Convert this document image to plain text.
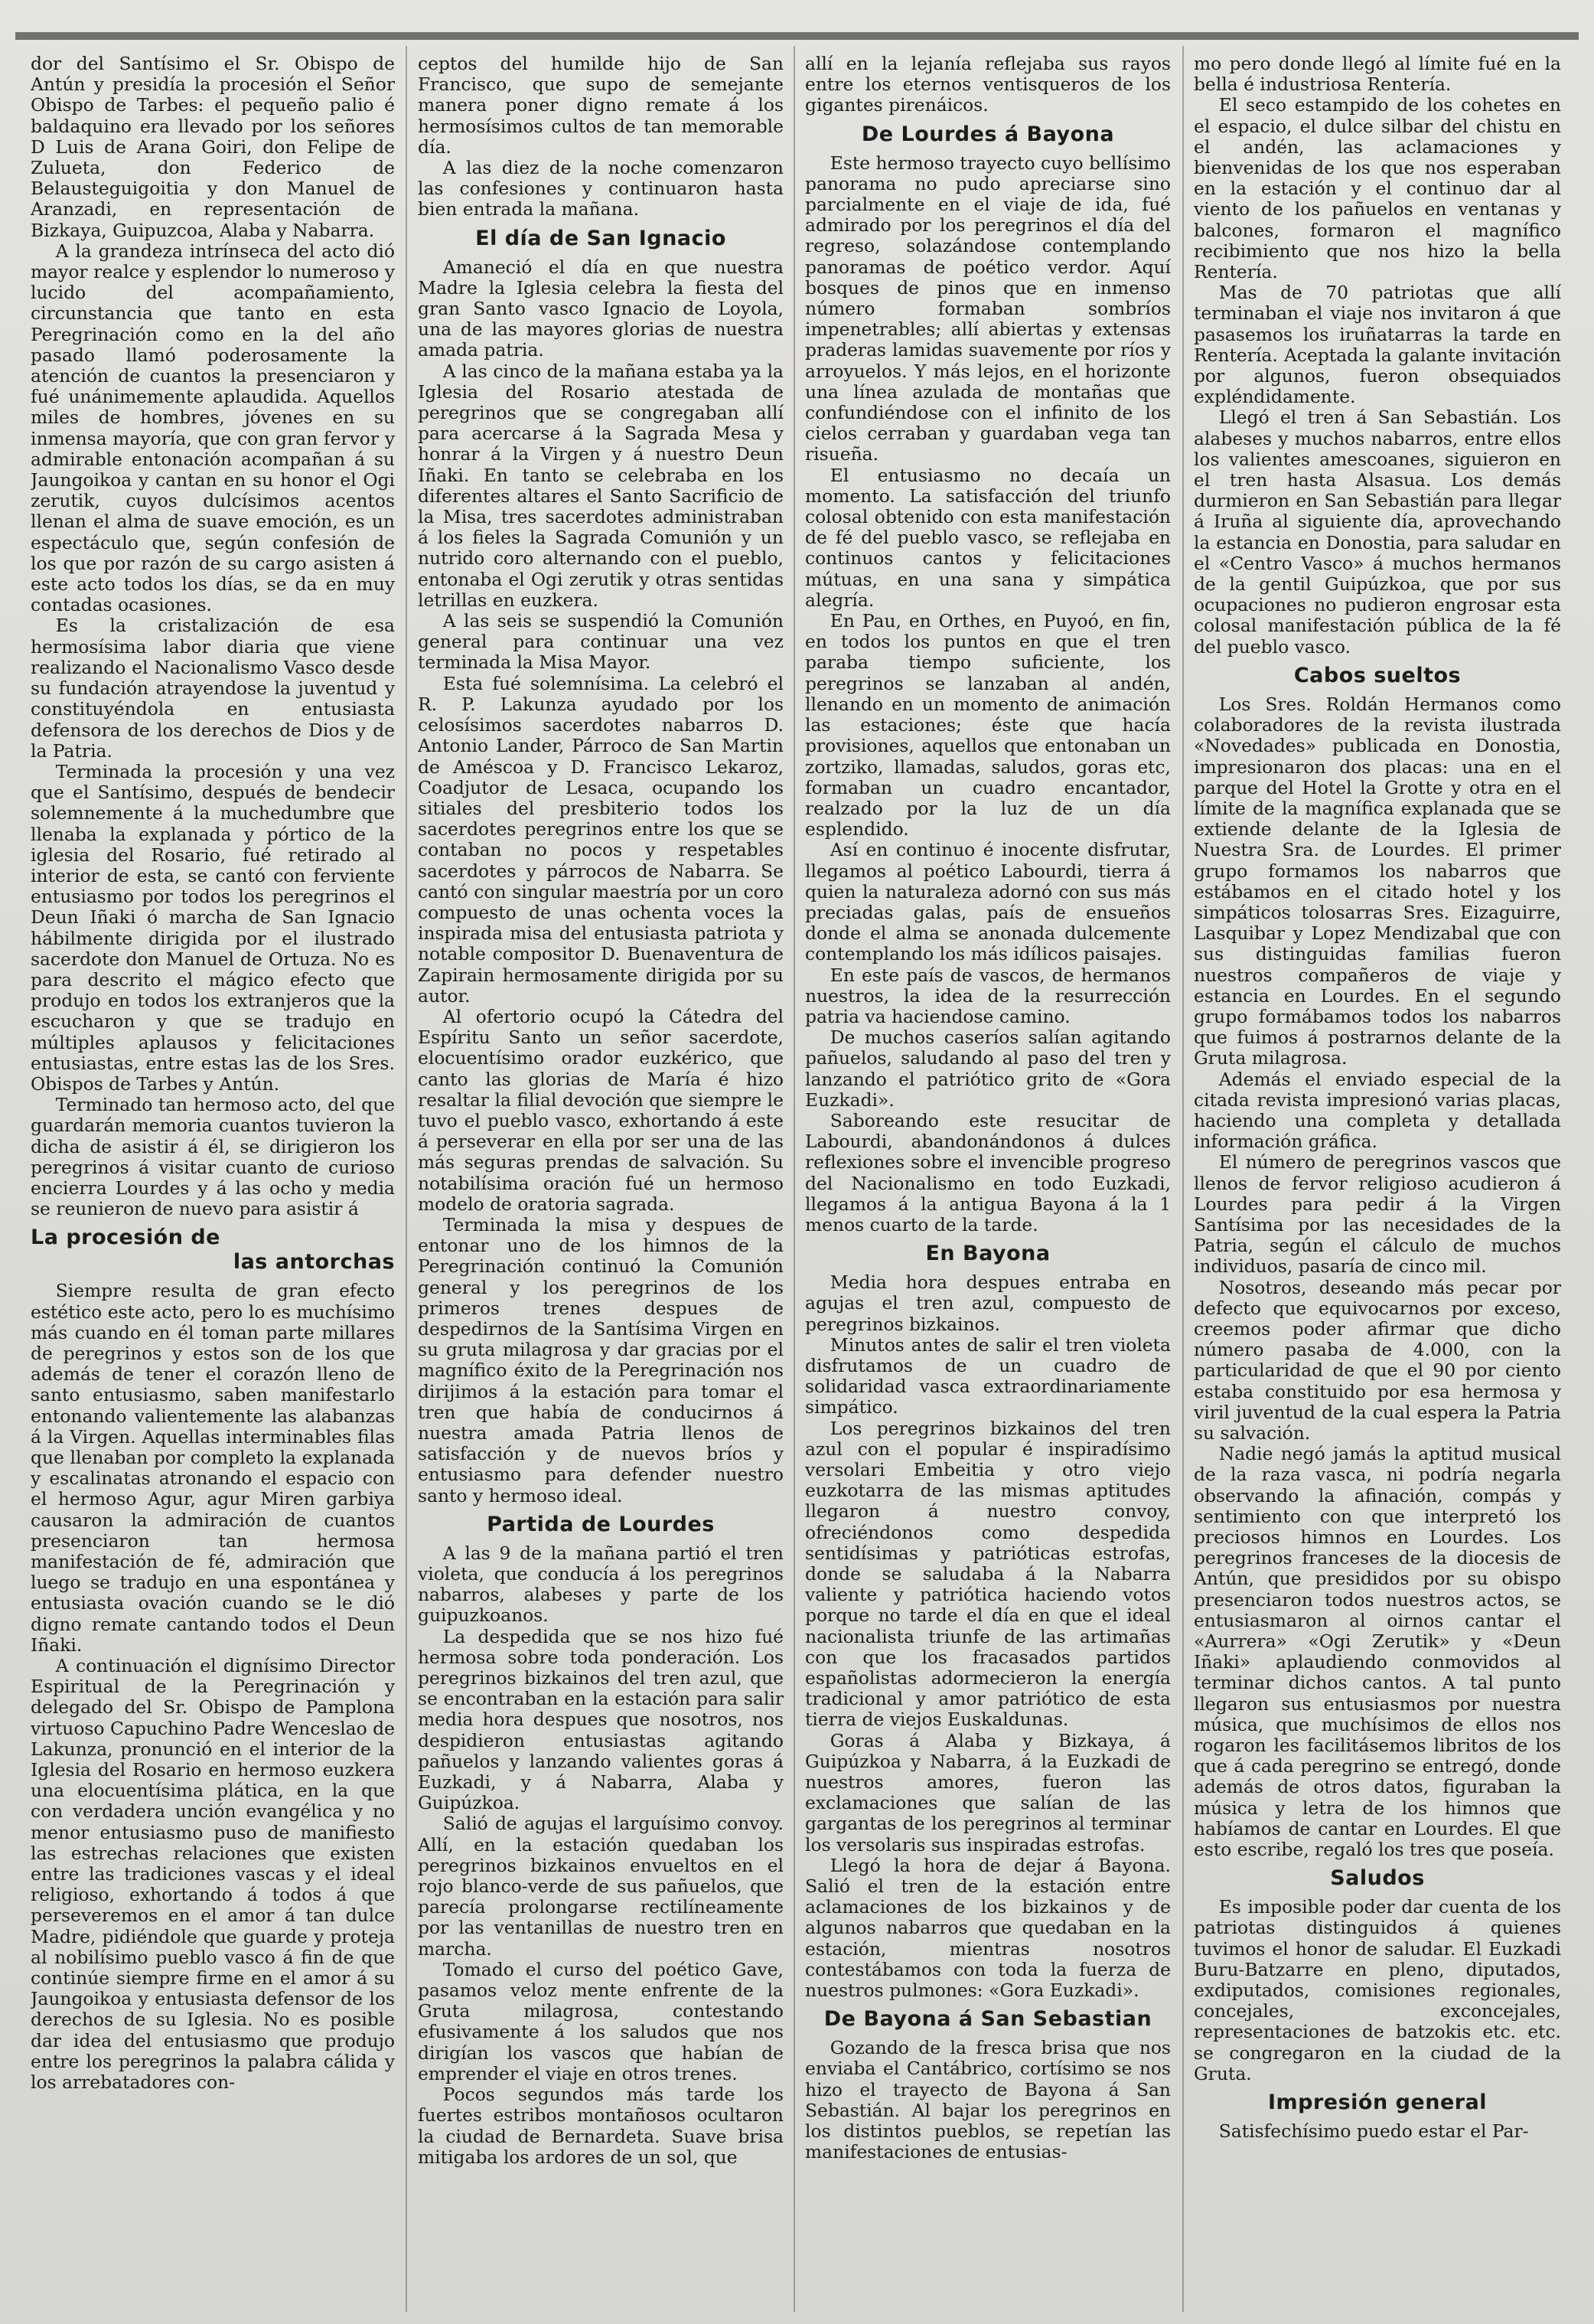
dor del Santísimo el Sr. Obispo de Antún y presidía la procesión el Señor Obispo de Tarbes: el pequeño palio é baldaquino era llevado por los señores D Luis de Arana Goiri, don Felipe de Zulueta, don Federico de Belausteguigoitia y don Manuel de Aranzadi, en representación de Bizkaya, Guipuzcoa, Alaba y Nabarra.

A la grandeza intrínseca del acto dió mayor realce y esplendor lo numeroso y lucido del acompañamiento, circunstancia que tanto en esta Peregrinación como en la del año pasado llamó poderosamente la atención de cuantos la presenciaron y fué unánimemente aplaudida. Aquellos miles de hombres, jóvenes en su inmensa mayoría, que con gran fervor y admirable entonación acompañan á su Jaungoikoa y cantan en su honor el Ogi zerutik, cuyos dulcísimos acentos llenan el alma de suave emoción, es un espectáculo que, según confesión de los que por razón de su cargo asisten á este acto todos los días, se da en muy contadas ocasiones.

Es la cristalización de esa hermosísima labor diaria que viene realizando el Nacionalismo Vasco desde su fundación atrayendose la juventud y constituyéndola en entusiasta defensora de los derechos de Dios y de la Patria.

Terminada la procesión y una vez que el Santísimo, después de bendecir solemnemente á la muchedumbre que llenaba la explanada y pórtico de la iglesia del Rosario, fué retirado al interior de esta, se cantó con ferviente entusiasmo por todos los peregrinos el Deun Iñaki ó marcha de San Ignacio hábilmente dirigida por el ilustrado sacerdote don Manuel de Ortuza. No es para descrito el mágico efecto que produjo en todos los extranjeros que la escucharon y que se tradujo en múltiples aplausos y felicitaciones entusiastas, entre estas las de los Sres. Obispos de Tarbes y Antún.

Terminado tan hermoso acto, del que guardarán memoria cuantos tuvieron la dicha de asistir á él, se dirigieron los peregrinos á visitar cuanto de curioso encierra Lourdes y á las ocho y media se reunieron de nuevo para asistir á

La procesión de
las antorchas

Siempre resulta de gran efecto estético este acto, pero lo es muchísimo más cuando en él toman parte millares de peregrinos y estos son de los que además de tener el corazón lleno de santo entusiasmo, saben manifestarlo entonando valientemente las alabanzas á la Virgen. Aquellas interminables filas que llenaban por completo la explanada y escalinatas atronando el espacio con el hermoso Agur, agur Miren garbiya causaron la admiración de cuantos presenciaron tan hermosa manifestación de fé, admiración que luego se tradujo en una espontánea y entusiasta ovación cuando se le dió digno remate cantando todos el Deun Iñaki.

A continuación el dignísimo Director Espiritual de la Peregrinación y delegado del Sr. Obispo de Pamplona virtuoso Capuchino Padre Wenceslao de Lakunza, pronunció en el interior de la Iglesia del Rosario en hermoso euzkera una elocuentísima plática, en la que con verdadera unción evangélica y no menor entusiasmo puso de manifiesto las estrechas relaciones que existen entre las tradiciones vascas y el ideal religioso, exhortando á todos á que perseveremos en el amor á tan dulce Madre, pidiéndole que guarde y proteja al nobilísimo pueblo vasco á fin de que continúe siempre firme en el amor á su Jaungoikoa y entusiasta defensor de los derechos de su Iglesia. No es posible dar idea del entusiasmo que produjo entre los peregrinos la palabra cálida y los arrebatadores con-

ceptos del humilde hijo de San Francisco, que supo de semejante manera poner digno remate á los hermosísimos cultos de tan memorable día.

A las diez de la noche comenzaron las confesiones y continuaron hasta bien entrada la mañana.

El día de San Ignacio

Amaneció el día en que nuestra Madre la Iglesia celebra la fiesta del gran Santo vasco Ignacio de Loyola, una de las mayores glorias de nuestra amada patria.

A las cinco de la mañana estaba ya la Iglesia del Rosario atestada de peregrinos que se congregaban allí para acercarse á la Sagrada Mesa y honrar á la Virgen y á nuestro Deun Iñaki. En tanto se celebraba en los diferentes altares el Santo Sacrificio de la Misa, tres sacerdotes administraban á los fieles la Sagrada Comunión y un nutrido coro alternando con el pueblo, entonaba el Ogi zerutik y otras sentidas letrillas en euzkera.

A las seis se suspendió la Comunión general para continuar una vez terminada la Misa Mayor.

Esta fué solemnísima. La celebró el R. P. Lakunza ayudado por los celosísimos sacerdotes nabarros D. Antonio Lander, Párroco de San Martin de Améscoa y D. Francisco Lekaroz, Coadjutor de Lesaca, ocupando los sitiales del presbiterio todos los sacerdotes peregrinos entre los que se contaban no pocos y respetables sacerdotes y párrocos de Nabarra. Se cantó con singular maestría por un coro compuesto de unas ochenta voces la inspirada misa del entusiasta patriota y notable compositor D. Buenaventura de Zapirain hermosamente dirigida por su autor.

Al ofertorio ocupó la Cátedra del Espíritu Santo un señor sacerdote, elocuentísimo orador euzkérico, que canto las glorias de María é hizo resaltar la filial devoción que siempre le tuvo el pueblo vasco, exhortando á este á perseverar en ella por ser una de las más seguras prendas de salvación. Su notabilísima oración fué un hermoso modelo de oratoria sagrada.

Terminada la misa y despues de entonar uno de los himnos de la Peregrinación continuó la Comunión general y los peregrinos de los primeros trenes despues de despedirnos de la Santísima Virgen en su gruta milagrosa y dar gracias por el magnífico éxito de la Peregrinación nos dirijimos á la estación para tomar el tren que había de conducirnos á nuestra amada Patria llenos de satisfacción y de nuevos bríos y entusiasmo para defender nuestro santo y hermoso ideal.

Partida de Lourdes

A las 9 de la mañana partió el tren violeta, que conducía á los peregrinos nabarros, alabeses y parte de los guipuzkoanos.

La despedida que se nos hizo fué hermosa sobre toda ponderación. Los peregrinos bizkainos del tren azul, que se encontraban en la estación para salir media hora despues que nosotros, nos despidieron entusiastas agitando pañuelos y lanzando valientes goras á Euzkadi, y á Nabarra, Alaba y Guipúzkoa.

Salió de agujas el larguísimo convoy. Allí, en la estación quedaban los peregrinos bizkainos envueltos en el rojo blanco-verde de sus pañuelos, que parecía prolongarse rectilíneamente por las ventanillas de nuestro tren en marcha.

Tomado el curso del poético Gave, pasamos veloz mente enfrente de la Gruta milagrosa, contestando efusivamente á los saludos que nos dirigían los vascos que habían de emprender el viaje en otros trenes.

Pocos segundos más tarde los fuertes estribos montañosos ocultaron la ciudad de Bernardeta. Suave brisa mitigaba los ardores de un sol, que

allí en la lejanía reflejaba sus rayos entre los eternos ventisqueros de los gigantes pirenáicos.

De Lourdes á Bayona

Este hermoso trayecto cuyo bellísimo panorama no pudo apreciarse sino parcialmente en el viaje de ida, fué admirado por los peregrinos el día del regreso, solazándose contemplando panoramas de poético verdor. Aquí bosques de pinos que en inmenso número formaban sombríos impenetrables; allí abiertas y extensas praderas lamidas suavemente por ríos y arroyuelos. Y más lejos, en el horizonte una línea azulada de montañas que confundiéndose con el infinito de los cielos cerraban y guardaban vega tan risueña.

El entusiasmo no decaía un momento. La satisfacción del triunfo colosal obtenido con esta manifestación de fé del pueblo vasco, se reflejaba en continuos cantos y felicitaciones mútuas, en una sana y simpática alegría.

En Pau, en Orthes, en Puyoó, en fin, en todos los puntos en que el tren paraba tiempo suficiente, los peregrinos se lanzaban al andén, llenando en un momento de animación las estaciones; éste que hacía provisiones, aquellos que entonaban un zortziko, llamadas, saludos, goras etc, formaban un cuadro encantador, realzado por la luz de un día esplendido.

Así en continuo é inocente disfrutar, llegamos al poético Labourdi, tierra á quien la naturaleza adornó con sus más preciadas galas, país de ensueños donde el alma se anonada dulcemente contemplando los más idílicos paisajes.

En este país de vascos, de hermanos nuestros, la idea de la resurrección patria va haciendose camino.

De muchos caseríos salían agitando pañuelos, saludando al paso del tren y lanzando el patriótico grito de «Gora Euzkadi».

Saboreando este resucitar de Labourdi, abandonándonos á dulces reflexiones sobre el invencible progreso del Nacionalismo en todo Euzkadi, llegamos á la antigua Bayona á la 1 menos cuarto de la tarde.

En Bayona

Media hora despues entraba en agujas el tren azul, compuesto de peregrinos bizkainos.

Minutos antes de salir el tren violeta disfrutamos de un cuadro de solidaridad vasca extraordinariamente simpático.

Los peregrinos bizkainos del tren azul con el popular é inspiradísimo versolari Embeitia y otro viejo euzkotarra de las mismas aptitudes llegaron á nuestro convoy, ofreciéndonos como despedida sentidísimas y patrióticas estrofas, donde se saludaba á la Nabarra valiente y patriótica haciendo votos porque no tarde el día en que el ideal nacionalista triunfe de las artimañas con que los fracasados partidos españolistas adormecieron la energía tradicional y amor patriótico de esta tierra de viejos Euskaldunas.

Goras á Alaba y Bizkaya, á Guipúzkoa y Nabarra, á la Euzkadi de nuestros amores, fueron las exclamaciones que salían de las gargantas de los peregrinos al terminar los versolaris sus inspiradas estrofas.

Llegó la hora de dejar á Bayona. Salió el tren de la estación entre aclamaciones de los bizkainos y de algunos nabarros que quedaban en la estación, mientras nosotros contestábamos con toda la fuerza de nuestros pulmones: «Gora Euzkadi».

De Bayona á San Sebastian

Gozando de la fresca brisa que nos enviaba el Cantábrico, cortísimo se nos hizo el trayecto de Bayona á San Sebastián. Al bajar los peregrinos en los distintos pueblos, se repetían las manifestaciones de entusias-

mo pero donde llegó al límite fué en la bella é industriosa Rentería.

El seco estampido de los cohetes en el espacio, el dulce silbar del chistu en el andén, las aclamaciones y bienvenidas de los que nos esperaban en la estación y el continuo dar al viento de los pañuelos en ventanas y balcones, formaron el magnífico recibimiento que nos hizo la bella Rentería.

Mas de 70 patriotas que allí terminaban el viaje nos invitaron á que pasasemos los iruñatarras la tarde en Rentería. Aceptada la galante invitación por algunos, fueron obsequiados expléndidamente.

Llegó el tren á San Sebastián. Los alabeses y muchos nabarros, entre ellos los valientes amescoanes, siguieron en el tren hasta Alsasua. Los demás durmieron en San Sebastián para llegar á Iruña al siguiente día, aprovechando la estancia en Donostia, para saludar en el «Centro Vasco» á muchos hermanos de la gentil Guipúzkoa, que por sus ocupaciones no pudieron engrosar esta colosal manifestación pública de la fé del pueblo vasco.

Cabos sueltos

Los Sres. Roldán Hermanos como colaboradores de la revista ilustrada «Novedades» publicada en Donostia, impresionaron dos placas: una en el parque del Hotel la Grotte y otra en el límite de la magnífica explanada que se extiende delante de la Iglesia de Nuestra Sra. de Lourdes. El primer grupo formamos los nabarros que estábamos en el citado hotel y los simpáticos tolosarras Sres. Eizaguirre, Lasquibar y Lopez Mendizabal que con sus distinguidas familias fueron nuestros compañeros de viaje y estancia en Lourdes. En el segundo grupo formábamos todos los nabarros que fuimos á postrarnos delante de la Gruta milagrosa.

Además el enviado especial de la citada revista impresionó varias placas, haciendo una completa y detallada información gráfica.

El número de peregrinos vascos que llenos de fervor religioso acudieron á Lourdes para pedir á la Virgen Santísima por las necesidades de la Patria, según el cálculo de muchos individuos, pasaría de cinco mil.

Nosotros, deseando más pecar por defecto que equivocarnos por exceso, creemos poder afirmar que dicho número pasaba de 4.000, con la particularidad de que el 90 por ciento estaba constituido por esa hermosa y viril juventud de la cual espera la Patria su salvación.

Nadie negó jamás la aptitud musical de la raza vasca, ni podría negarla observando la afinación, compás y sentimiento con que interpretó los preciosos himnos en Lourdes. Los peregrinos franceses de la diocesis de Antún, que presididos por su obispo presenciaron todos nuestros actos, se entusiasmaron al oirnos cantar el «Aurrera» «Ogi Zerutik» y «Deun Iñaki» aplaudiendo conmovidos al terminar dichos cantos. A tal punto llegaron sus entusiasmos por nuestra música, que muchísimos de ellos nos rogaron les facilitásemos libritos de los que á cada peregrino se entregó, donde además de otros datos, figuraban la música y letra de los himnos que habíamos de cantar en Lourdes. El que esto escribe, regaló los tres que poseía.

Saludos

Es imposible poder dar cuenta de los patriotas distinguidos á quienes tuvimos el honor de saludar. El Euzkadi Buru-Batzarre en pleno, diputados, exdiputados, comisiones regionales, concejales, exconcejales, representaciones de batzokis etc. etc. se congregaron en la ciudad de la Gruta.

Impresión general

Satisfechísimo puedo estar el Par-
